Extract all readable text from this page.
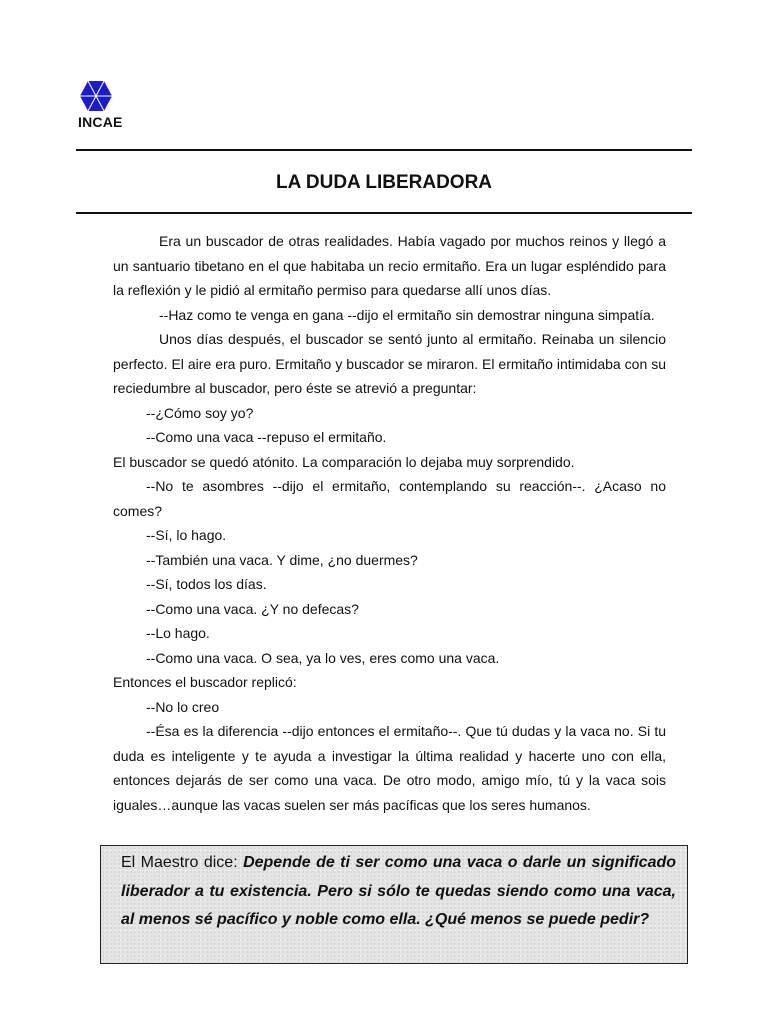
INCAE
LA DUDA LIBERADORA

Era un buscador de otras realidades. Había vagado por muchos reinos y llegó a un santuario tibetano en el que habitaba un recio ermitaño. Era un lugar espléndido para la reflexión y le pidió al ermitaño permiso para quedarse allí unos días.

--Haz como te venga en gana --dijo el ermitaño sin demostrar ninguna simpatía.

Unos días después, el buscador se sentó junto al ermitaño. Reinaba un silencio perfecto. El aire era puro. Ermitaño y buscador se miraron. El ermitaño intimidaba con su reciedumbre al buscador, pero éste se atrevió a preguntar:

--¿Cómo soy yo?

--Como una vaca --repuso el ermitaño.

El buscador se quedó atónito. La comparación lo dejaba muy sorprendido.

--No te asombres --dijo el ermitaño, contemplando su reacción--. ¿Acaso no comes?

--Sí, lo hago.

--También una vaca. Y dime, ¿no duermes?

--Sí, todos los días.

--Como una vaca. ¿Y no defecas?

--Lo hago.

--Como una vaca. O sea, ya lo ves, eres como una vaca.

Entonces el buscador replicó:

--No lo creo

--Ésa es la diferencia --dijo entonces el ermitaño--. Que tú dudas y la vaca no. Si tu duda es inteligente y te ayuda a investigar la última realidad y hacerte uno con ella, entonces dejarás de ser como una vaca. De otro modo, amigo mío, tú y la vaca sois iguales…aunque las vacas suelen ser más pacíficas que los seres humanos.

El Maestro dice: Depende de ti ser como una vaca o darle un significado liberador a tu existencia. Pero si sólo te quedas siendo como una vaca, al menos sé pacífico y noble como ella. ¿Qué menos se puede pedir?
